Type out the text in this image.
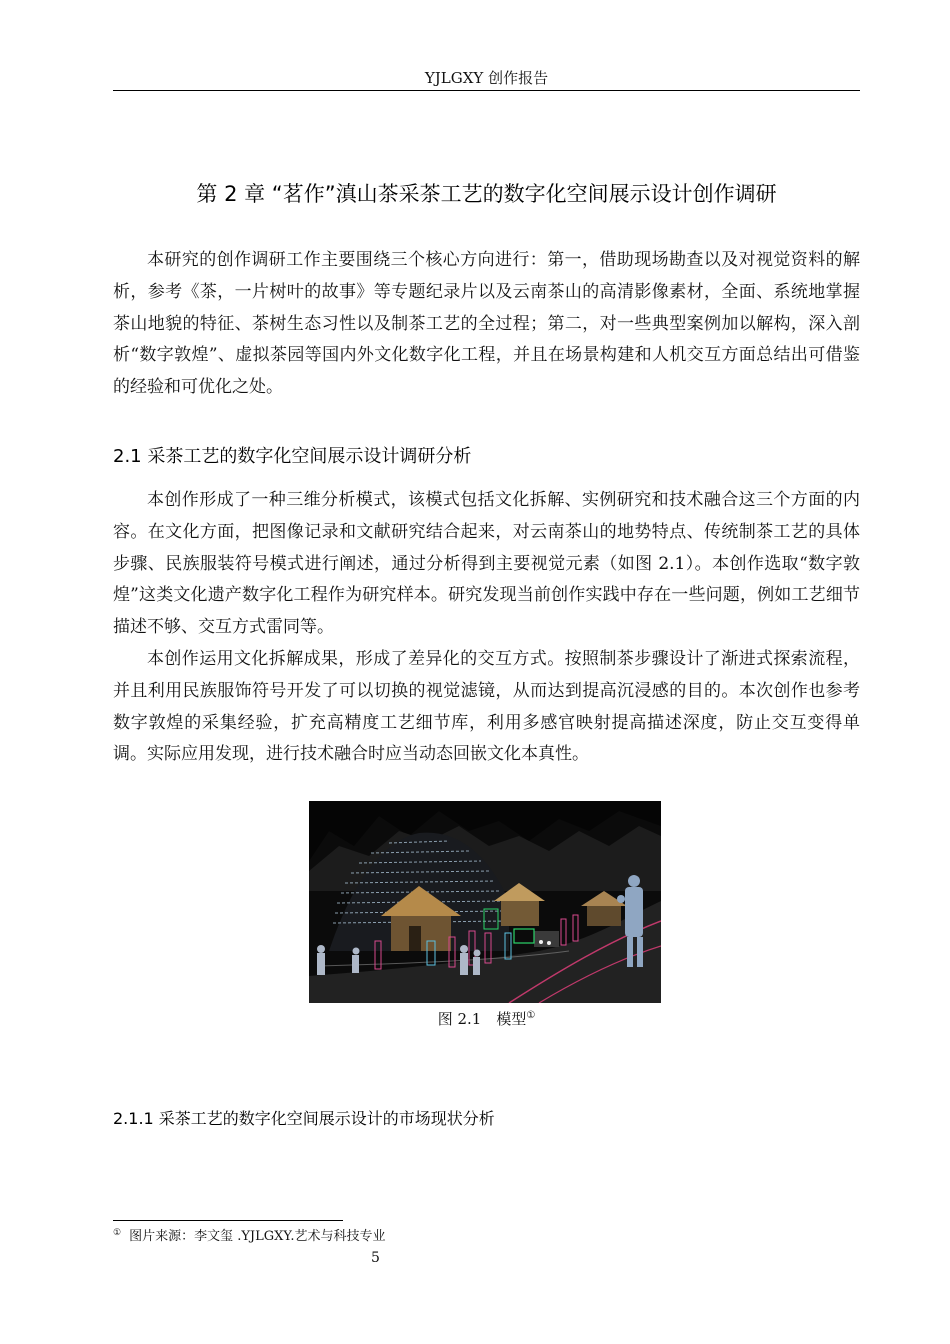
YJLGXY 创作报告
第 2 章 “茗作”滇山茶采茶工艺的数字化空间展示设计创作调研

本研究的创作调研工作主要围绕三个核心方向进行：第一，借助现场勘查以及对视觉资料的解析，参考《茶，一片树叶的故事》等专题纪录片以及云南茶山的高清影像素材，全面、系统地掌握茶山地貌的特征、茶树生态习性以及制茶工艺的全过程；第二，对一些典型案例加以解构，深入剖析“数字敦煌”、虚拟茶园等国内外文化数字化工程，并且在场景构建和人机交互方面总结出可借鉴的经验和可优化之处。

2.1 采茶工艺的数字化空间展示设计调研分析

本创作形成了一种三维分析模式，该模式包括文化拆解、实例研究和技术融合这三个方面的内容。在文化方面，把图像记录和文献研究结合起来，对云南茶山的地势特点、传统制茶工艺的具体步骤、民族服装符号模式进行阐述，通过分析得到主要视觉元素（如图 2.1）。本创作选取“数字敦煌”这类文化遗产数字化工程作为研究样本。研究发现当前创作实践中存在一些问题，例如工艺细节描述不够、交互方式雷同等。

本创作运用文化拆解成果，形成了差异化的交互方式。按照制茶步骤设计了渐进式探索流程，并且利用民族服饰符号开发了可以切换的视觉滤镜，从而达到提高沉浸感的目的。本次创作也参考数字敦煌的采集经验，扩充高精度工艺细节库，利用多感官映射提高描述深度，防止交互变得单调。实际应用发现，进行技术融合时应当动态回嵌文化本真性。

图 2.1　模型①
2.1.1 采茶工艺的数字化空间展示设计的市场现状分析
① 图片来源：李文玺 .YJLGXY.艺术与科技专业
5
